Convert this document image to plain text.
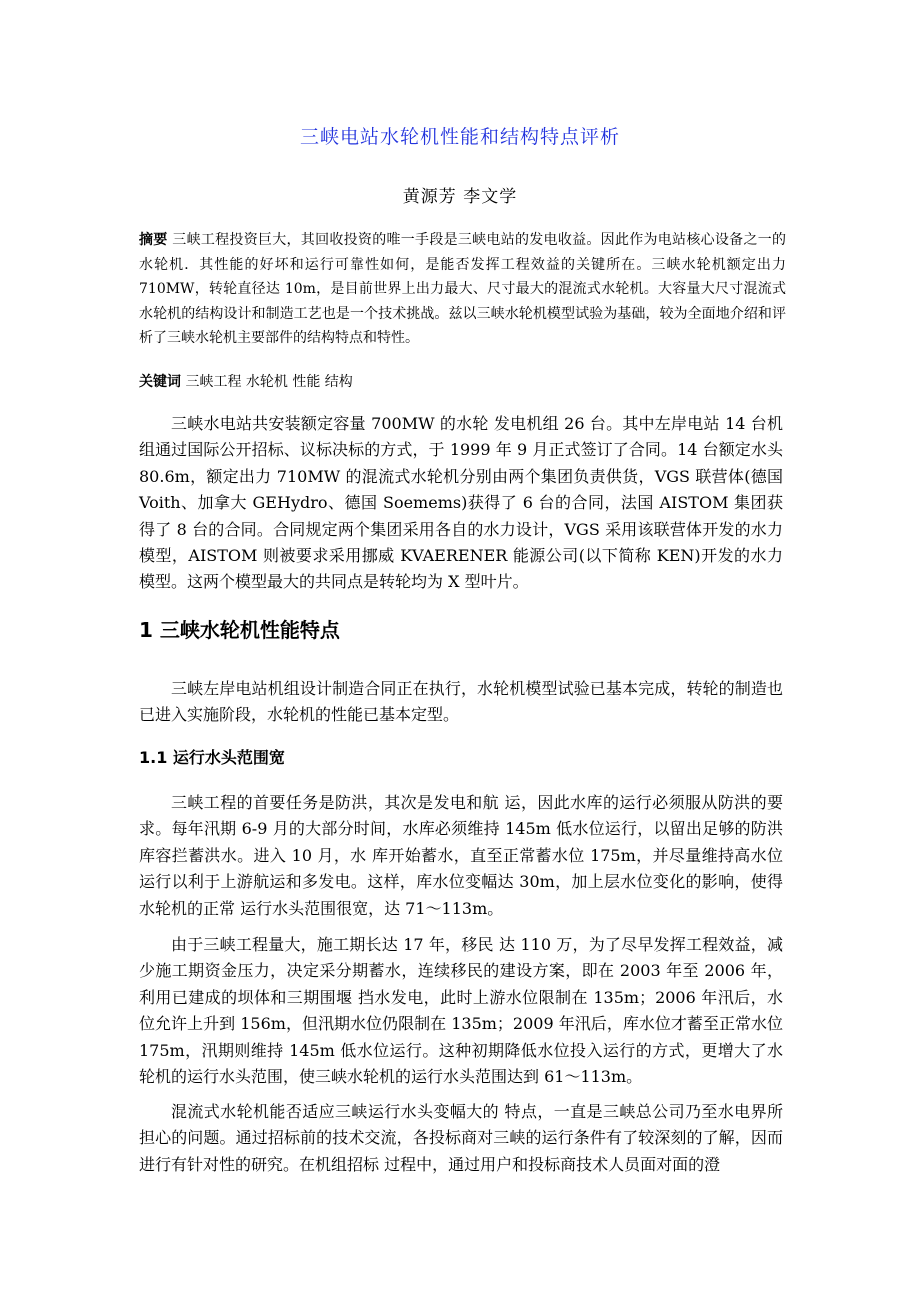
三峡电站水轮机性能和结构特点评析
黄源芳 李文学

摘要 三峡工程投资巨大，其回收投资的唯一手段是三峡电站的发电收益。因此作为电站核心设备之一的水轮机．其性能的好坏和运行可靠性如何，是能否发挥工程效益的关键所在。三峡水轮机额定出力 710MW，转轮直径达 10m，是目前世界上出力最大、尺寸最大的混流式水轮机。大容量大尺寸混流式水轮机的结构设计和制造工艺也是一个技术挑战。兹以三峡水轮机模型试验为基础，较为全面地介绍和评析了三峡水轮机主要部件的结构特点和特性。

关键词 三峡工程 水轮机 性能 结构

三峡水电站共安装额定容量 700MW 的水轮 发电机组 26 台。其中左岸电站 14 台机组通过国际公开招标、议标决标的方式，于 1999 年 9 月正式签订了合同。14 台额定水头 80.6m，额定出力 710MW 的混流式水轮机分别由两个集团负责供货，VGS 联营体(德国 Voith、加拿大 GEHydro、德国 Soemems)获得了 6 台的合同，法国 AISTOM 集团获得了 8 台的合同。合同规定两个集团采用各自的水力设计，VGS 采用该联营体开发的水力模型，AISTOM 则被要求采用挪威 KVAERENER 能源公司(以下简称 KEN)开发的水力模型。这两个模型最大的共同点是转轮均为 X 型叶片。

1 三峡水轮机性能特点

三峡左岸电站机组设计制造合同正在执行，水轮机模型试验已基本完成，转轮的制造也已进入实施阶段，水轮机的性能已基本定型。

1.1 运行水头范围宽

三峡工程的首要任务是防洪，其次是发电和航 运，因此水库的运行必须服从防洪的要求。每年汛期 6-9 月的大部分时间，水库必须维持 145m 低水位运行，以留出足够的防洪库容拦蓄洪水。进入 10 月，水 库开始蓄水，直至正常蓄水位 175m，并尽量维持高水位运行以利于上游航运和多发电。这样，库水位变幅达 30m，加上层水位变化的影响，使得水轮机的正常 运行水头范围很宽，达 71～113m。

由于三峡工程量大，施工期长达 17 年，移民 达 110 万，为了尽早发挥工程效益，减少施工期资金压力，决定采分期蓄水，连续移民的建设方案，即在 2003 年至 2006 年，利用已建成的坝体和三期围堰 挡水发电，此时上游水位限制在 135m；2006 年汛后，水位允许上升到 156m，但汛期水位仍限制在 135m；2009 年汛后，库水位才蓄至正常水位 175m，汛期则维持 145m 低水位运行。这种初期降低水位投入运行的方式，更增大了水轮机的运行水头范围，使三峡水轮机的运行水头范围达到 61～113m。

混流式水轮机能否适应三峡运行水头变幅大的 特点，一直是三峡总公司乃至水电界所担心的问题。通过招标前的技术交流，各投标商对三峡的运行条件有了较深刻的了解，因而进行有针对性的研究。在机组招标 过程中，通过用户和投标商技术人员面对面的澄
